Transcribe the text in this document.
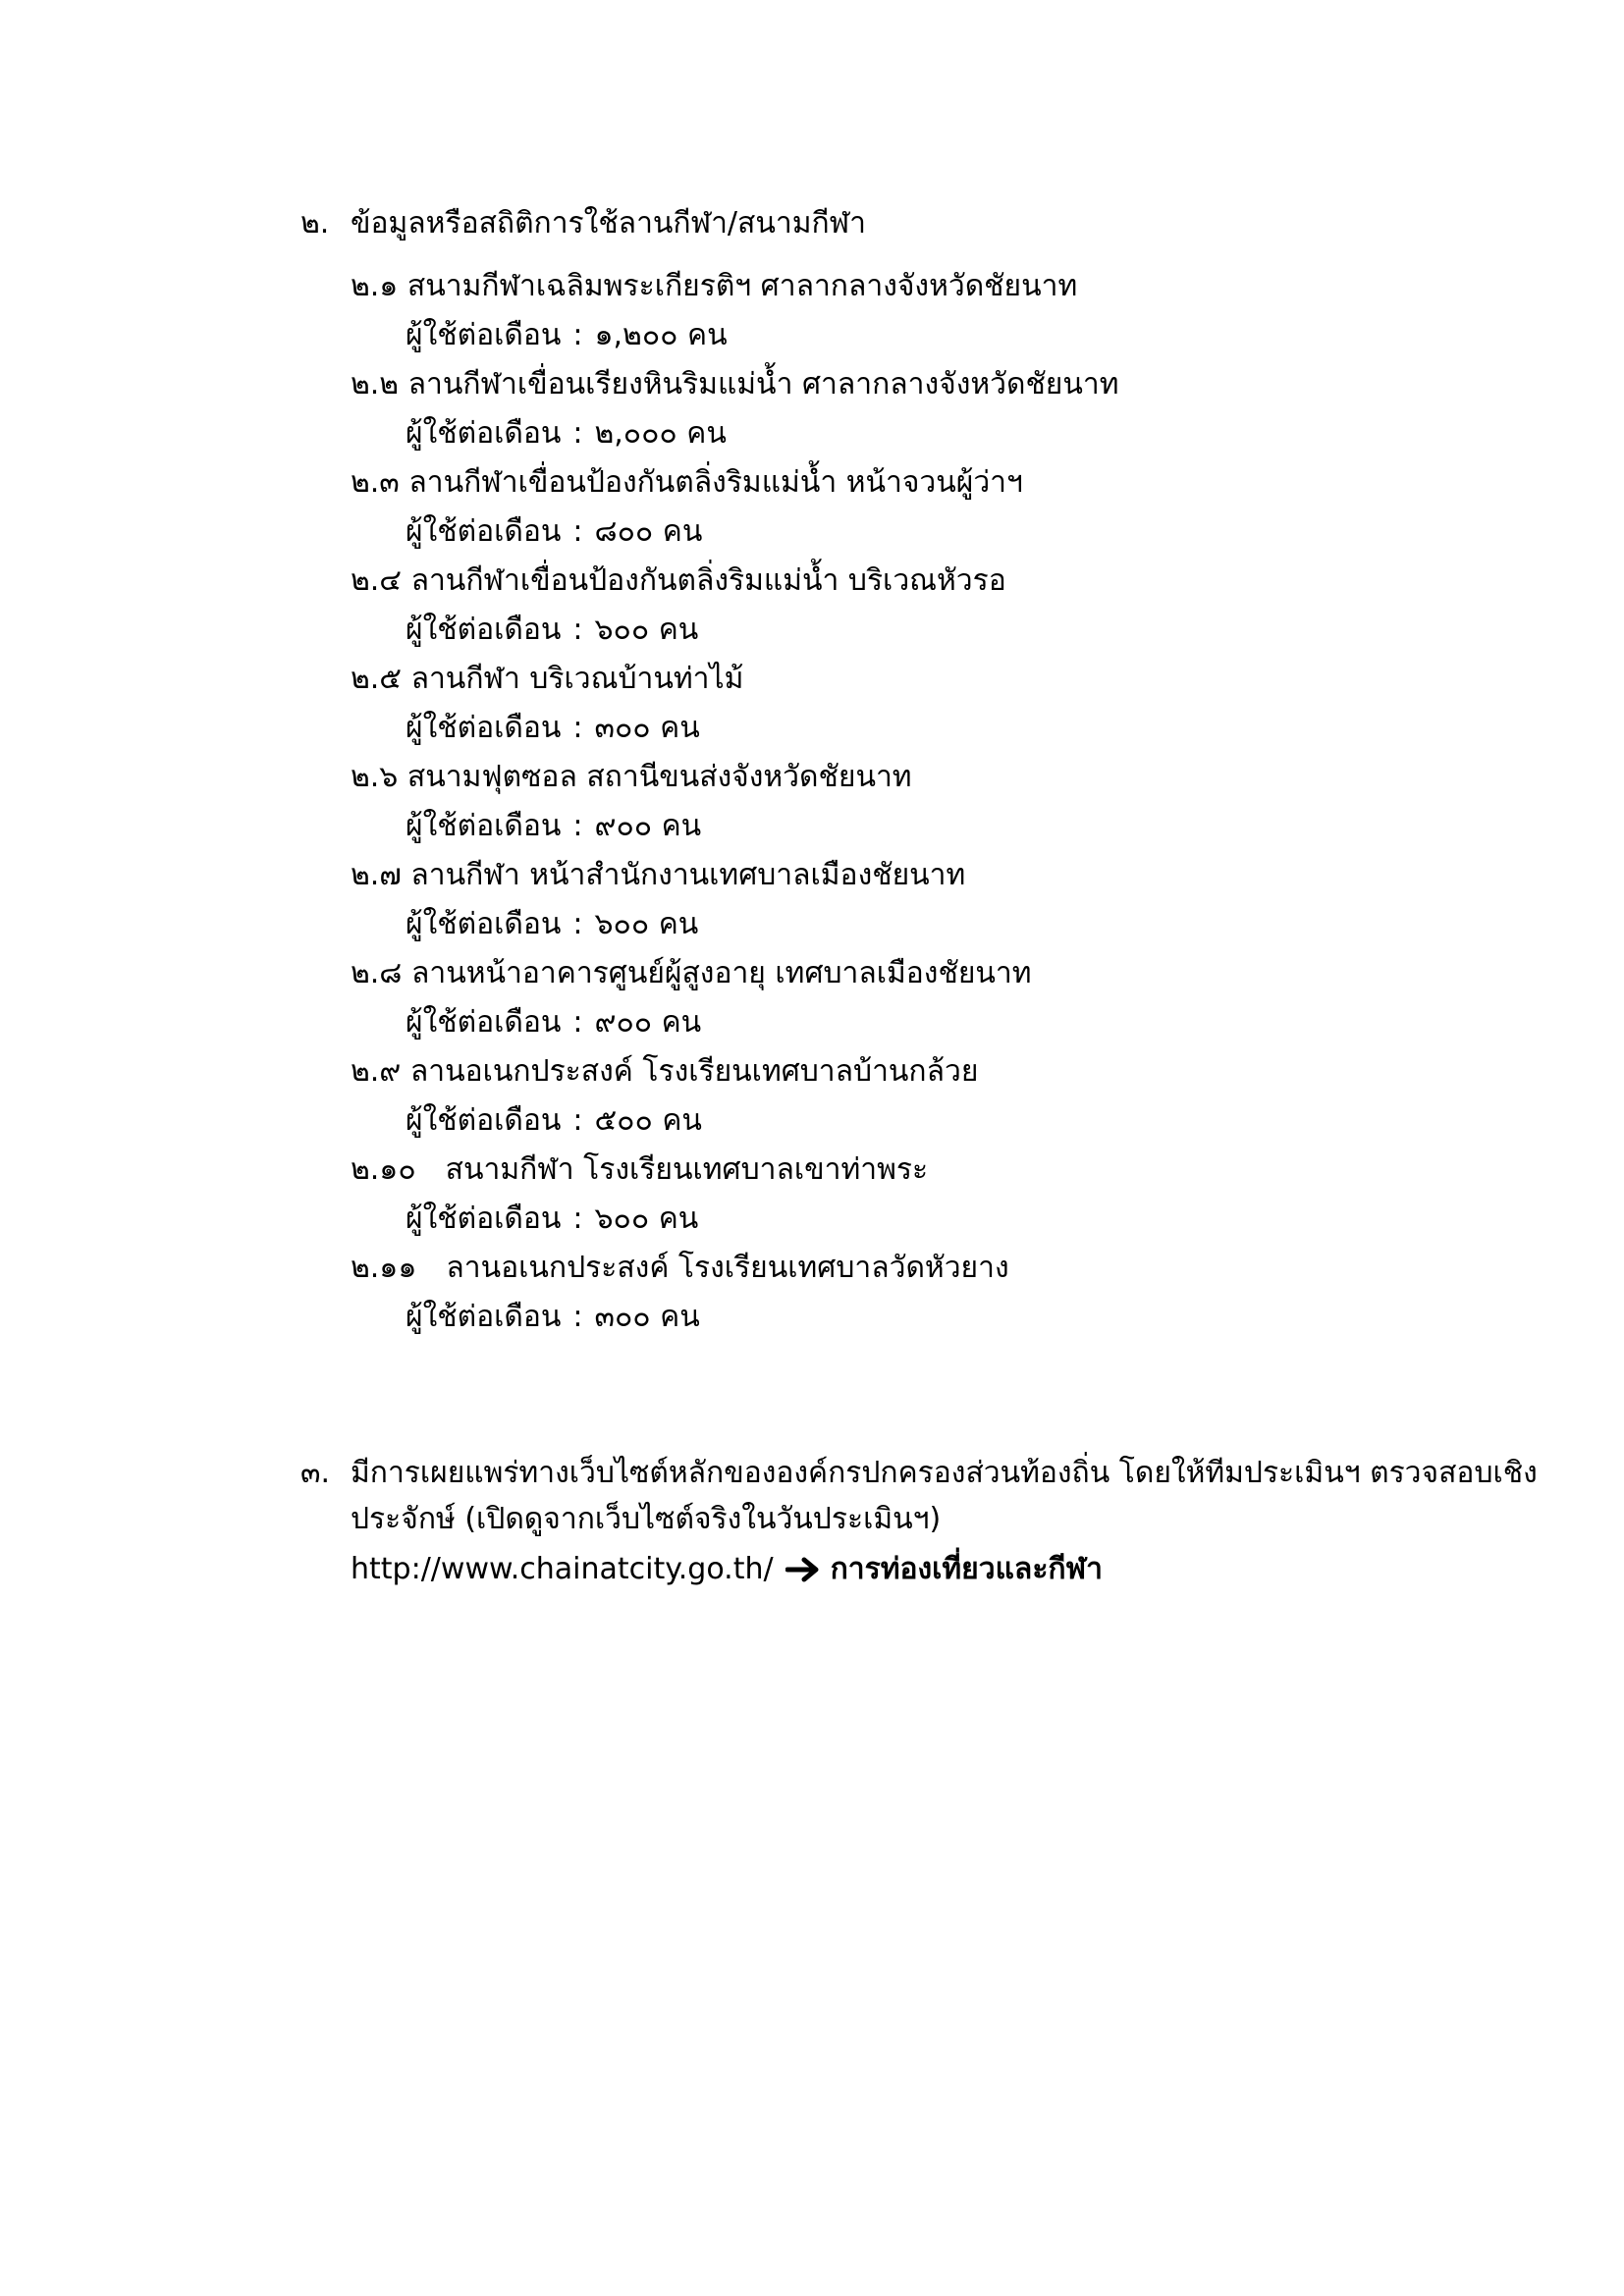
๒. ข้อมูลหรือสถิติการใช้ลานกีฬา/สนามกีฬา
๒.๑ สนามกีฬาเฉลิมพระเกียรติฯ ศาลากลางจังหวัดชัยนาท
ผู้ใช้ต่อเดือน : ๑,๒๐๐ คน
๒.๒ ลานกีฬาเขื่อนเรียงหินริมแม่น้ำ ศาลากลางจังหวัดชัยนาท
ผู้ใช้ต่อเดือน : ๒,๐๐๐ คน
๒.๓ ลานกีฬาเขื่อนป้องกันตลิ่งริมแม่น้ำ หน้าจวนผู้ว่าฯ
ผู้ใช้ต่อเดือน : ๘๐๐ คน
๒.๔ ลานกีฬาเขื่อนป้องกันตลิ่งริมแม่น้ำ บริเวณหัวรอ
ผู้ใช้ต่อเดือน : ๖๐๐ คน
๒.๕ ลานกีฬา บริเวณบ้านท่าไม้
ผู้ใช้ต่อเดือน : ๓๐๐ คน
๒.๖ สนามฟุตซอล สถานีขนส่งจังหวัดชัยนาท
ผู้ใช้ต่อเดือน : ๙๐๐ คน
๒.๗ ลานกีฬา หน้าสำนักงานเทศบาลเมืองชัยนาท
ผู้ใช้ต่อเดือน : ๖๐๐ คน
๒.๘ ลานหน้าอาคารศูนย์ผู้สูงอายุ เทศบาลเมืองชัยนาท
ผู้ใช้ต่อเดือน : ๙๐๐ คน
๒.๙ ลานอเนกประสงค์ โรงเรียนเทศบาลบ้านกล้วย
ผู้ใช้ต่อเดือน : ๕๐๐ คน
๒.๑๐ สนามกีฬา โรงเรียนเทศบาลเขาท่าพระ
ผู้ใช้ต่อเดือน : ๖๐๐ คน
๒.๑๑ ลานอเนกประสงค์ โรงเรียนเทศบาลวัดหัวยาง
ผู้ใช้ต่อเดือน : ๓๐๐ คน
๓. มีการเผยแพร่ทางเว็บไซต์หลักขององค์กรปกครองส่วนท้องถิ่น โดยให้ทีมประเมินฯ ตรวจสอบเชิง
ประจักษ์ (เปิดดูจากเว็บไซต์จริงในวันประเมินฯ)
http://www.chainatcity.go.th/ การท่องเที่ยวและกีฬา
